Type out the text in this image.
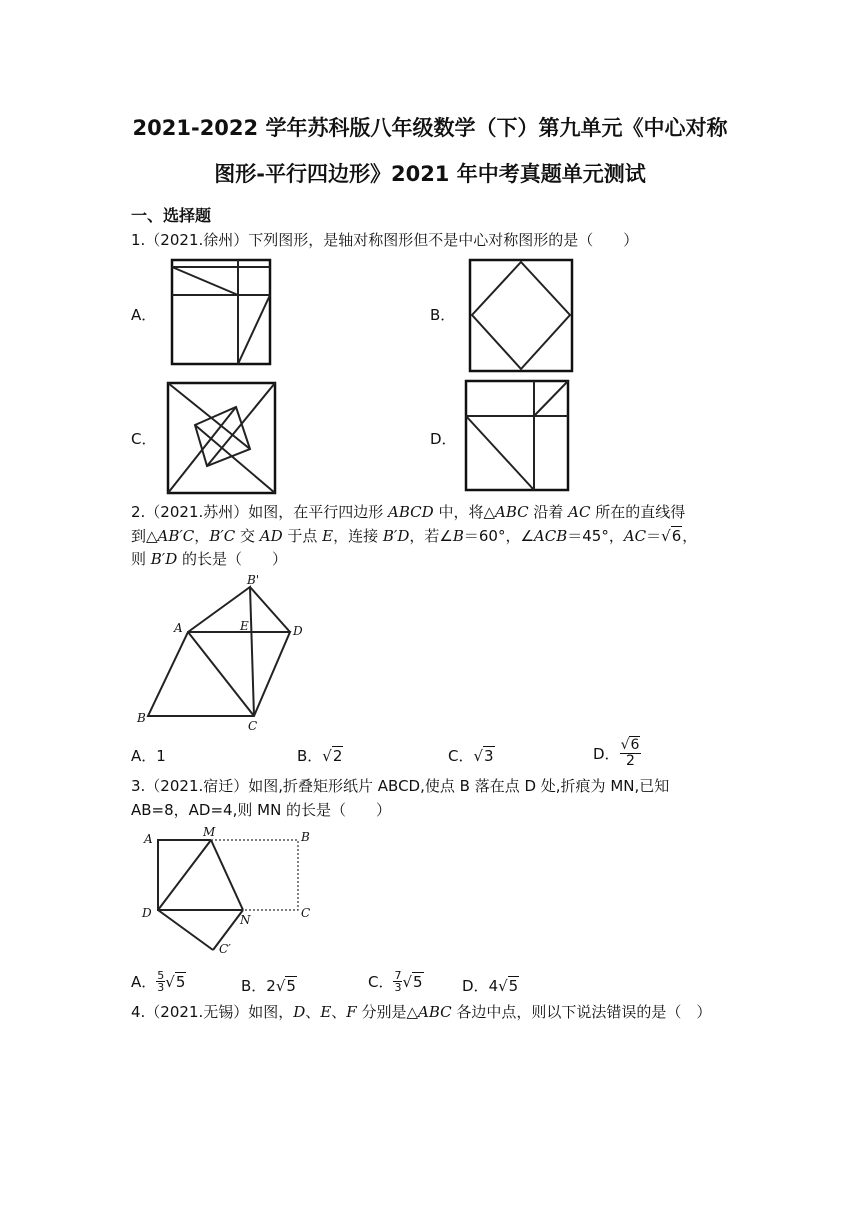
2021-2022 学年苏科版八年级数学（下）第九单元《中心对称
图形-平行四边形》2021 年中考真题单元测试
一、选择题
1.（2021.徐州）下列图形，是轴对称图形但不是中心对称图形的是（　　）
A．	B．
C．	D．
2.（2021.苏州）如图，在平行四边形 ABCD 中，将△ABC 沿着 AC 所在的直线得
到△AB′C，B′C 交 AD 于点 E，连接 B′D，若∠B＝60°，∠ACB＝45°，AC＝√6，
则 B′D 的长是（　　）
B'
A	E	D
B
C
A．1	B．√2	C．√3	D． $\frac{√6}{2}$
3.（2021.宿迁）如图,折叠矩形纸片 ABCD,使点 B 落在点 D 处,折痕为 MN,已知
AB=8，AD=4,则 MN 的长是（　　）
A	M	B
D	N	C
C′
A． $\frac{5}{3} √5$	B．2√5	C． $\frac{7}{3} √5$	D．4√5
4.（2021.无锡）如图，D、E、F 分别是△ABC 各边中点，则以下说法错误的是（　）
